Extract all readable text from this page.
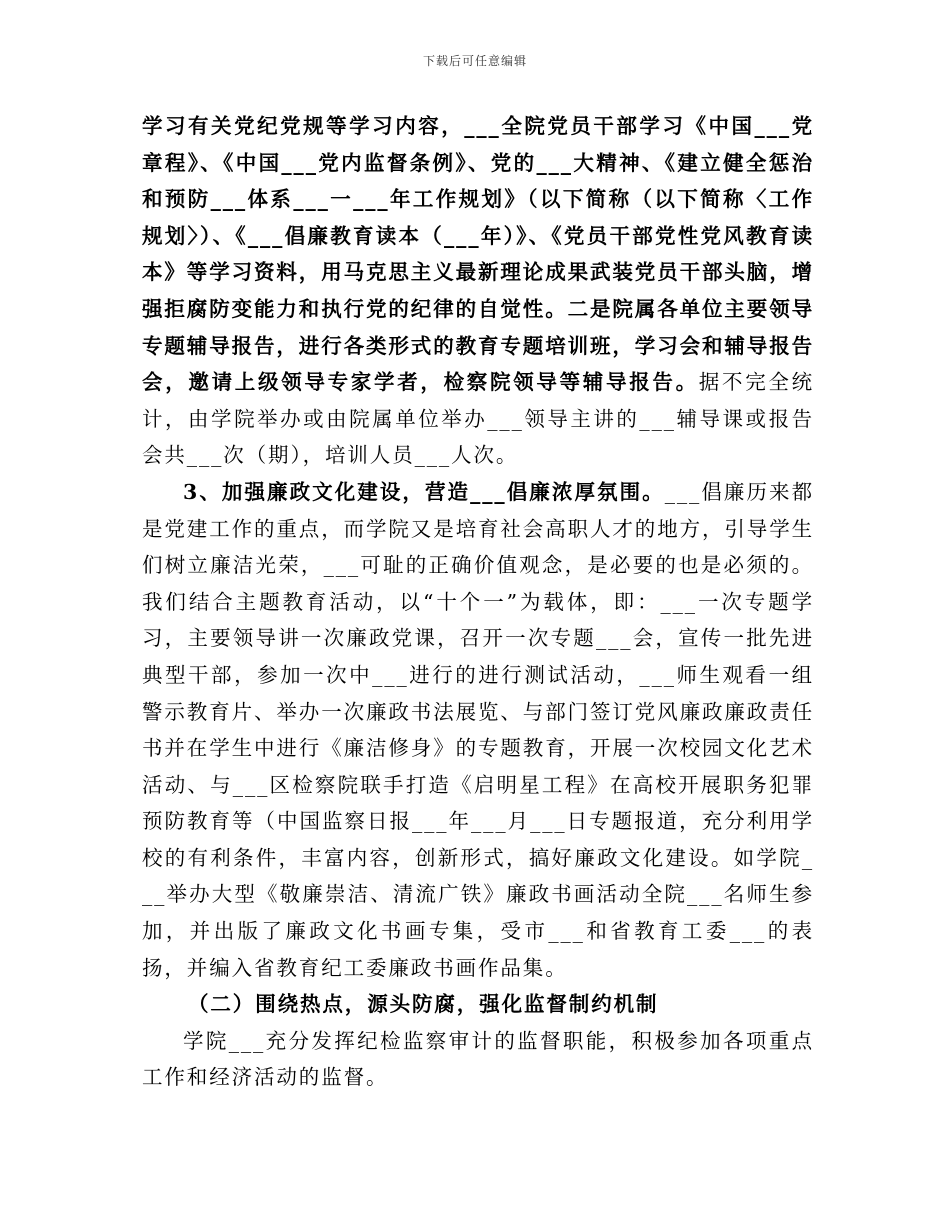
下载后可任意编辑

学习有关党纪党规等学习内容，___全院党员干部学习《中国___党章程》、《中国___党内监督条例》、党的___大精神、《建立健全惩治和预防___体系___一___年工作规划》（以下简称（以下简称〈工作规划〉）、《___倡廉教育读本（___年）》、《党员干部党性党风教育读本》等学习资料，用马克思主义最新理论成果武装党员干部头脑，增强拒腐防变能力和执行党的纪律的自觉性。二是院属各单位主要领导专题辅导报告，进行各类形式的教育专题培训班，学习会和辅导报告会，邀请上级领导专家学者，检察院领导等辅导报告。据不完全统计，由学院举办或由院属单位举办___领导主讲的___辅导课或报告会共___次（期），培训人员___人次。

3、加强廉政文化建设，营造___倡廉浓厚氛围。___倡廉历来都是党建工作的重点，而学院又是培育社会高职人才的地方，引导学生们树立廉洁光荣，___可耻的正确价值观念，是必要的也是必须的。我们结合主题教育活动，以“十个一”为载体，即：___一次专题学习，主要领导讲一次廉政党课，召开一次专题___会，宣传一批先进典型干部，参加一次中___进行的进行测试活动，___师生观看一组警示教育片、举办一次廉政书法展览、与部门签订党风廉政廉政责任书并在学生中进行《廉洁修身》的专题教育，开展一次校园文化艺术活动、与___区检察院联手打造《启明星工程》在高校开展职务犯罪预防教育等（中国监察日报___年___月___日专题报道，充分利用学校的有利条件，丰富内容，创新形式，搞好廉政文化建设。如学院___举办大型《敬廉崇洁、清流广铁》廉政书画活动全院___名师生参加，并出版了廉政文化书画专集，受市___和省教育工委___的表扬，并编入省教育纪工委廉政书画作品集。

（二）围绕热点，源头防腐，强化监督制约机制

学院___充分发挥纪检监察审计的监督职能，积极参加各项重点工作和经济活动的监督。
